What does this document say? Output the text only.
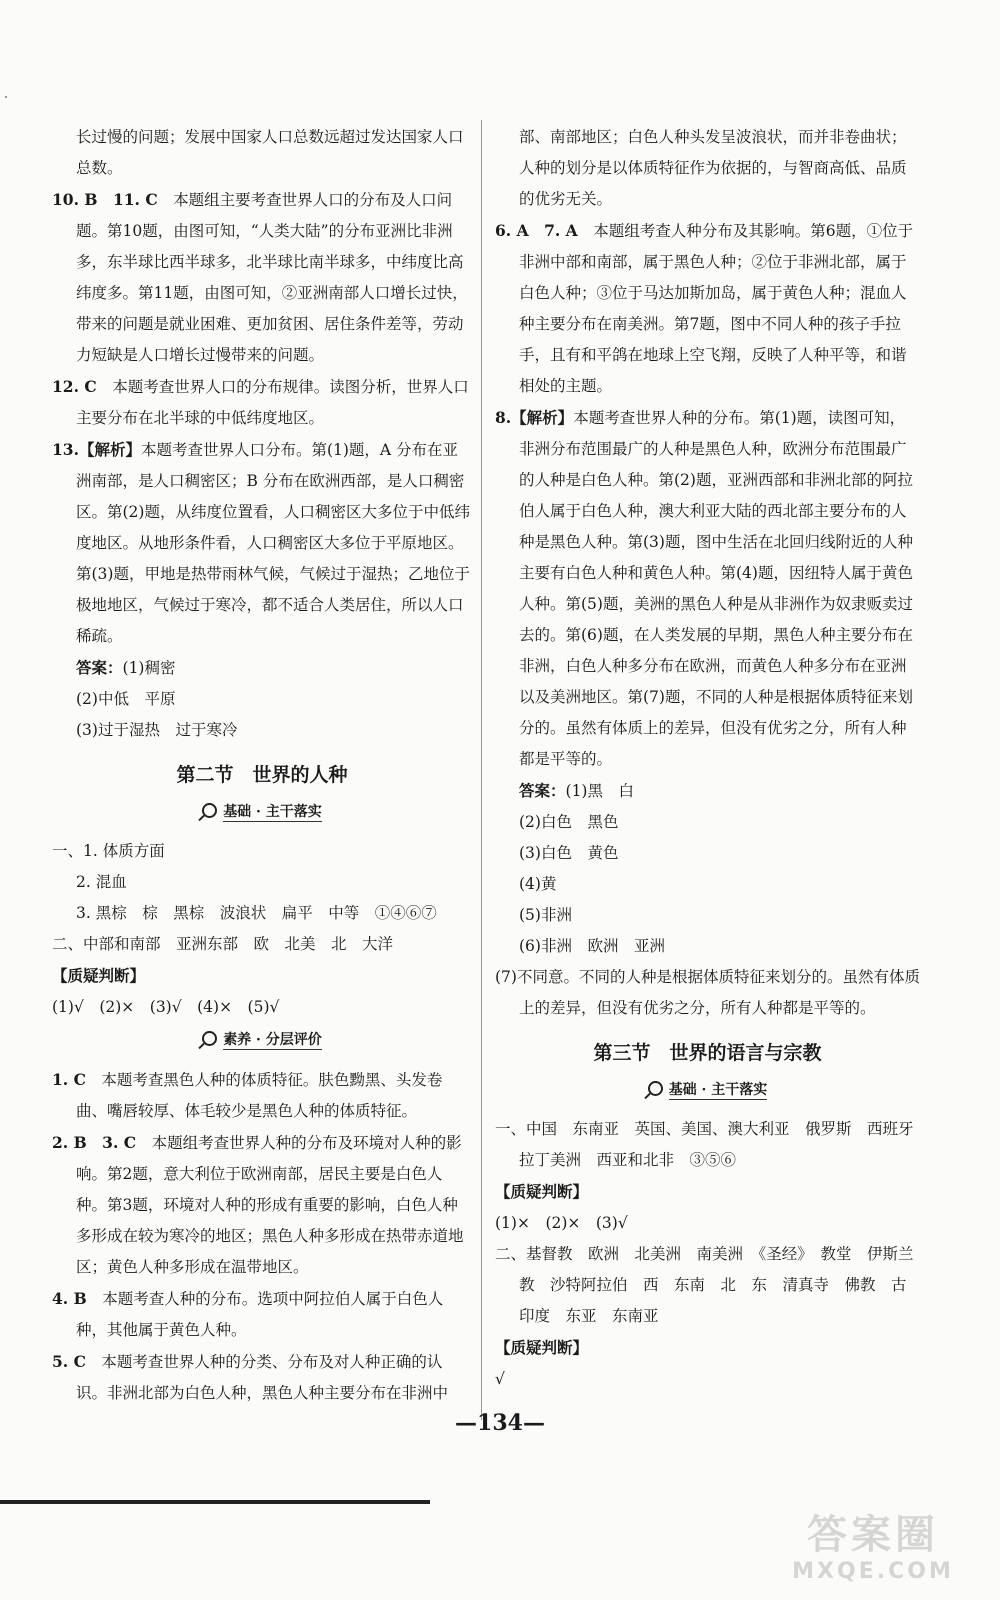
长过慢的问题；发展中国家人口总数远超过发达国家人口

总数。

10. B　11. C　本题组主要考查世界人口的分布及人口问题。第10题，由图可知，“人类大陆”的分布亚洲比非洲多，东半球比西半球多，北半球比南半球多，中纬度比高纬度多。第11题，由图可知，②亚洲南部人口增长过快，带来的问题是就业困难、更加贫困、居住条件差等，劳动力短缺是人口增长过慢带来的问题。

12. C　本题考查世界人口的分布规律。读图分析，世界人口主要分布在北半球的中低纬度地区。

13.【解析】本题考查世界人口分布。第(1)题，A 分布在亚洲南部，是人口稠密区；B 分布在欧洲西部，是人口稠密区。第(2)题，从纬度位置看，人口稠密区大多位于中低纬度地区。从地形条件看，人口稠密区大多位于平原地区。第(3)题，甲地是热带雨林气候，气候过于湿热；乙地位于极地地区，气候过于寒冷，都不适合人类居住，所以人口稀疏。

答案：(1)稠密

(2)中低　平原

(3)过于湿热　过于寒冷

第二节　世界的人种

基础 · 主干落实

一、1. 体质方面

2. 混血

3. 黑棕　棕　黑棕　波浪状　扁平　中等　①④⑥⑦

二、中部和南部　亚洲东部　欧　北美　北　大洋

【质疑判断】

(1)√　(2)×　(3)√　(4)×　(5)√

素养 · 分层评价

1. C　本题考查黑色人种的体质特征。肤色黝黑、头发卷曲、嘴唇较厚、体毛较少是黑色人种的体质特征。

2. B　3. C　本题组考查世界人种的分布及环境对人种的影响。第2题，意大利位于欧洲南部，居民主要是白色人种。第3题，环境对人种的形成有重要的影响，白色人种多形成在较为寒冷的地区；黑色人种多形成在热带赤道地区；黄色人种多形成在温带地区。

4. B　本题考查人种的分布。选项中阿拉伯人属于白色人种，其他属于黄色人种。

5. C　本题考查世界人种的分类、分布及对人种正确的认识。非洲北部为白色人种，黑色人种主要分布在非洲中

部、南部地区；白色人种头发呈波浪状，而并非卷曲状；人种的划分是以体质特征作为依据的，与智商高低、品质的优劣无关。

6. A　7. A　本题组考查人种分布及其影响。第6题，①位于非洲中部和南部，属于黑色人种；②位于非洲北部，属于白色人种；③位于马达加斯加岛，属于黄色人种；混血人种主要分布在南美洲。第7题，图中不同人种的孩子手拉手，且有和平鸽在地球上空飞翔，反映了人种平等，和谐相处的主题。

8.【解析】本题考查世界人种的分布。第(1)题，读图可知，非洲分布范围最广的人种是黑色人种，欧洲分布范围最广的人种是白色人种。第(2)题，亚洲西部和非洲北部的阿拉伯人属于白色人种，澳大利亚大陆的西北部主要分布的人种是黑色人种。第(3)题，图中生活在北回归线附近的人种主要有白色人种和黄色人种。第(4)题，因纽特人属于黄色人种。第(5)题，美洲的黑色人种是从非洲作为奴隶贩卖过去的。第(6)题，在人类发展的早期，黑色人种主要分布在非洲，白色人种多分布在欧洲，而黄色人种多分布在亚洲以及美洲地区。第(7)题，不同的人种是根据体质特征来划分的。虽然有体质上的差异，但没有优劣之分，所有人种都是平等的。

答案：(1)黑　白

(2)白色　黑色

(3)白色　黄色

(4)黄

(5)非洲

(6)非洲　欧洲　亚洲

(7)不同意。不同的人种是根据体质特征来划分的。虽然有体质上的差异，但没有优劣之分，所有人种都是平等的。

第三节　世界的语言与宗教

基础 · 主干落实

一、中国　东南亚　英国、美国、澳大利亚　俄罗斯　西班牙　拉丁美洲　西亚和北非　③⑤⑥

【质疑判断】

(1)×　(2)×　(3)√

二、基督教　欧洲　北美洲　南美洲　《圣经》　教堂　伊斯兰教　沙特阿拉伯　西　东南　北　东　清真寺　佛教　古印度　东亚　东南亚

【质疑判断】

√

—134—
答案圈
MXQE.COM
